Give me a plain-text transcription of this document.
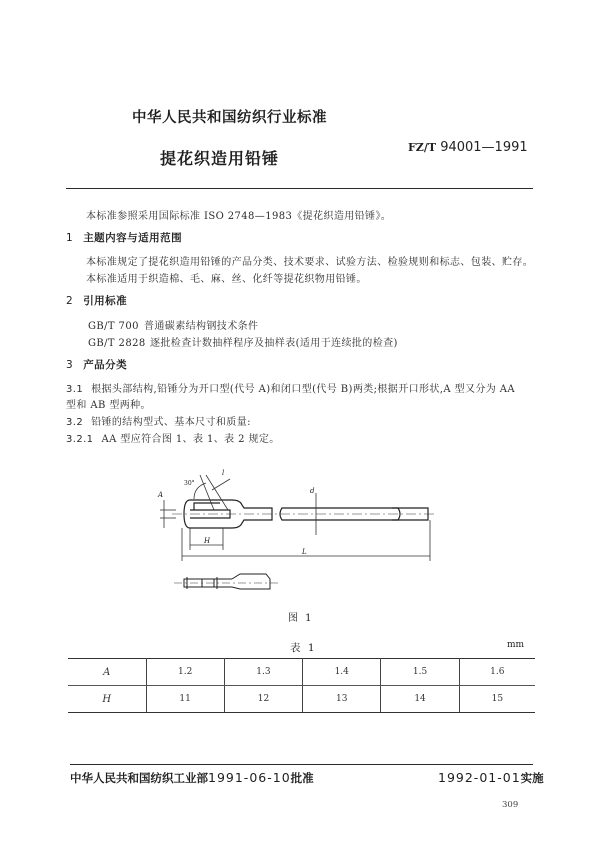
中华人民共和国纺织行业标准
FZ/T 94001—1991
提花织造用铅锤
本标准参照采用国际标准 ISO 2748—1983《提花织造用铅锤》。
1 主题内容与适用范围
本标准规定了提花织造用铅锤的产品分类、技术要求、试验方法、检验规则和标志、包装、贮存。
本标准适用于织造棉、毛、麻、丝、化纤等提花织物用铅锤。
2 引用标准
GB/T 700 普通碳素结构钢技术条件
GB/T 2828 逐批检查计数抽样程序及抽样表(适用于连续批的检查)
3 产品分类
3.1 根据头部结构,铅锤分为开口型(代号 A)和闭口型(代号 B)两类;根据开口形状,A 型又分为 AA
型和 AB 型两种。
3.2 铅锤的结构型式、基本尺寸和质量:
3.2.1 AA 型应符合图 1、表 1、表 2 规定。
30°
l
A
H
L
d
图 1
表 1	mm
A	1.2	1.3	1.4	1.5	1.6
H	11	12	13	14	15
中华人民共和国纺织工业部1991-06-10批准	1992-01-01实施
309
